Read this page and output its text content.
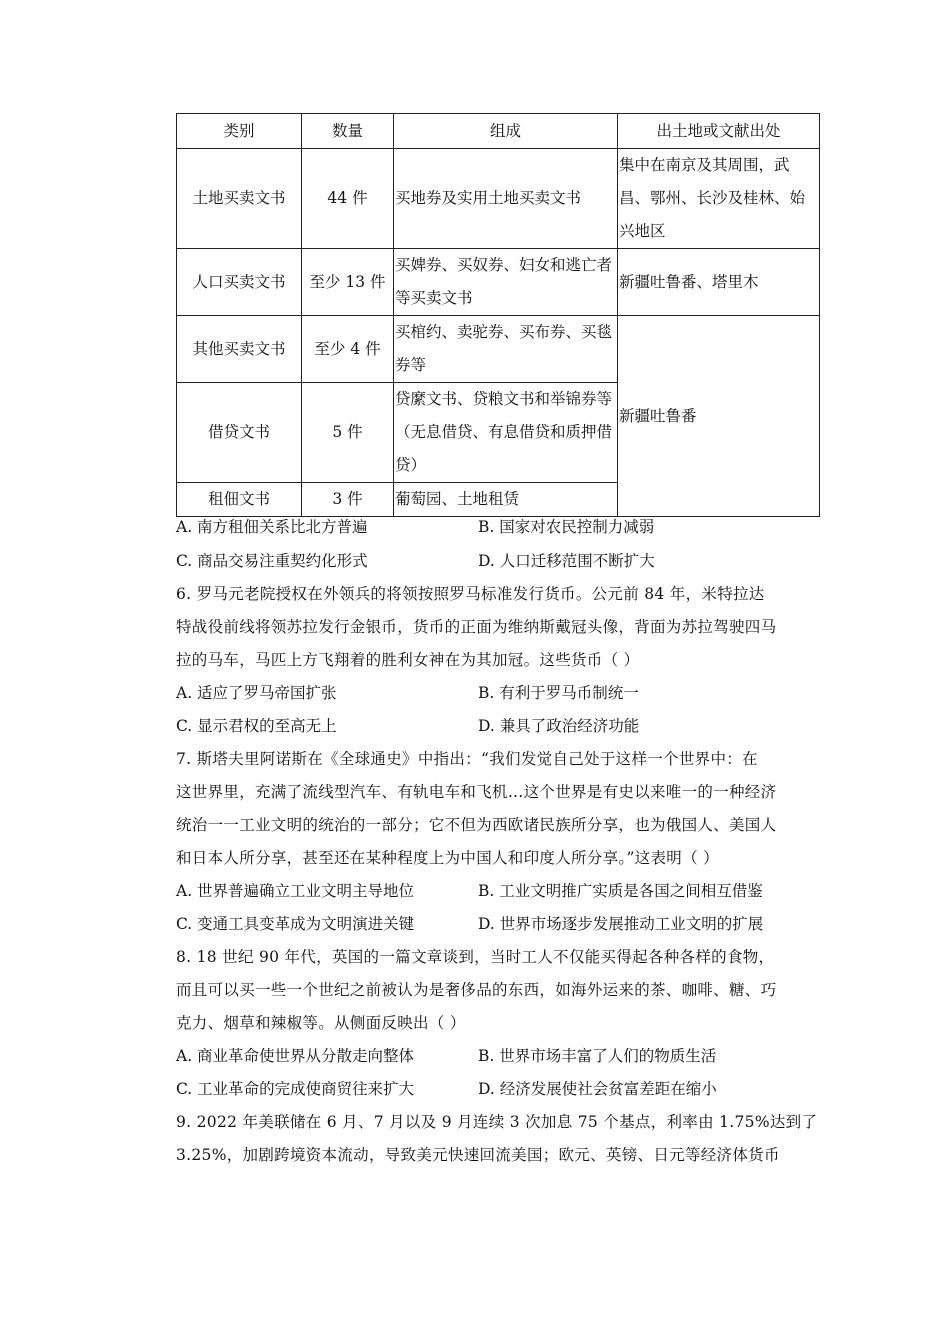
类别	数量	组成	出土地或文献出处
土地买卖文书	44 件	买地券及实用土地买卖文书	集中在南京及其周围，武昌、鄂州、长沙及桂林、始兴地区
人口买卖文书	至少 13 件	买婢券、买奴券、妇女和逃亡者等买卖文书	新疆吐鲁番、塔里木
其他买卖文书	至少 4 件	买棺约、卖驼券、买布券、买毯券等	新疆吐鲁番
借贷文书	5 件	贷縻文书、贷粮文书和举锦券等（无息借贷、有息借贷和质押借贷）	
租佃文书	3 件	葡萄园、土地租赁	
A. 南方租佃关系比北方普遍	B. 国家对农民控制力减弱
C. 商品交易注重契约化形式	D. 人口迁移范围不断扩大
6. 罗马元老院授权在外领兵的将领按照罗马标准发行货币。公元前 84 年，米特拉达
特战役前线将领苏拉发行金银币，货币的正面为维纳斯戴冠头像，背面为苏拉驾驶四马
拉的马车，马匹上方飞翔着的胜利女神在为其加冠。这些货币（ ）
A. 适应了罗马帝国扩张	B. 有利于罗马币制统一
C. 显示君权的至高无上	D. 兼具了政治经济功能
7. 斯塔夫里阿诺斯在《全球通史》中指出：“我们发觉自己处于这样一个世界中：在
这世界里，充满了流线型汽车、有轨电车和飞机…这个世界是有史以来唯一的一种经济
统治一一工业文明的统治的一部分；它不但为西欧诸民族所分享，也为俄国人、美国人
和日本人所分享，甚至还在某种程度上为中国人和印度人所分享。”这表明（ ）
A. 世界普遍确立工业文明主导地位	B. 工业文明推广实质是各国之间相互借鉴
C. 变通工具变革成为文明演进关键	D. 世界市场逐步发展推动工业文明的扩展
8. 18 世纪 90 年代，英国的一篇文章谈到，当时工人不仅能买得起各种各样的食物，
而且可以买一些一个世纪之前被认为是奢侈品的东西，如海外运来的茶、咖啡、糖、巧
克力、烟草和辣椒等。从侧面反映出（ ）
A. 商业革命使世界从分散走向整体	B. 世界市场丰富了人们的物质生活
C. 工业革命的完成使商贸往来扩大	D. 经济发展使社会贫富差距在缩小
9. 2022 年美联储在 6 月、7 月以及 9 月连续 3 次加息 75 个基点，利率由 1.75%达到了
3.25%，加剧跨境资本流动，导致美元快速回流美国；欧元、英镑、日元等经济体货币
